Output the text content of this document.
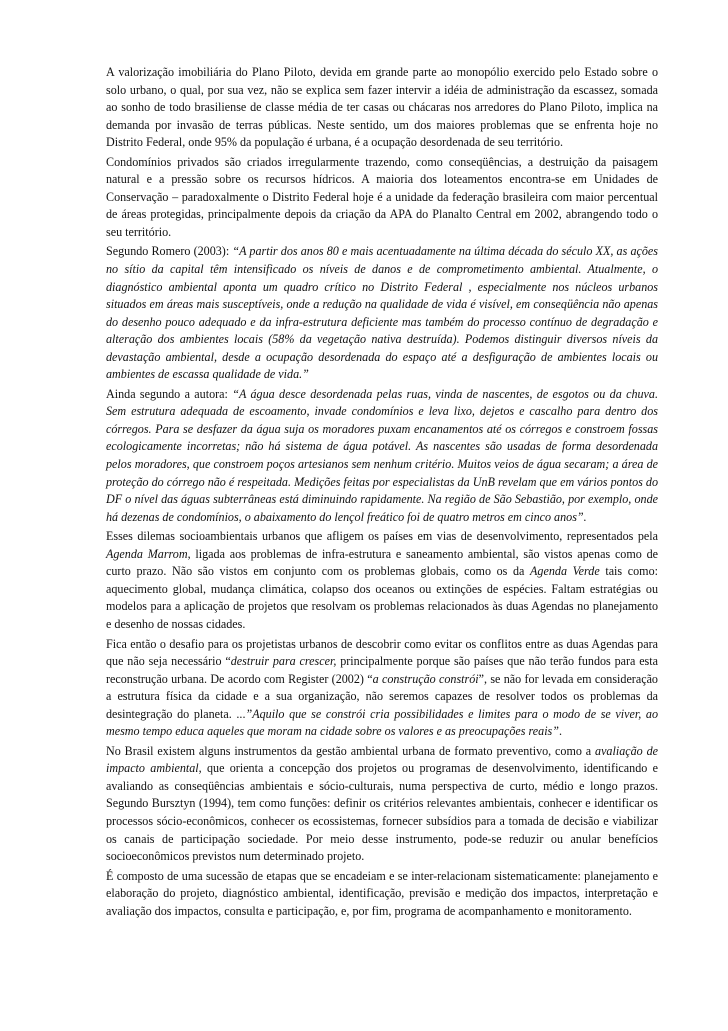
A valorização imobiliária do Plano Piloto, devida em grande parte ao monopólio exercido pelo Estado sobre o solo urbano, o qual, por sua vez, não se explica sem fazer intervir a idéia de administração da escassez, somada ao sonho de todo brasiliense de classe média de ter casas ou chácaras nos arredores do Plano Piloto, implica na demanda por invasão de terras públicas. Neste sentido, um dos maiores problemas que se enfrenta hoje no Distrito Federal, onde 95% da população é urbana, é a ocupação desordenada de seu território.

Condomínios privados são criados irregularmente trazendo, como conseqüências, a destruição da paisagem natural e a pressão sobre os recursos hídricos. A maioria dos loteamentos encontra-se em Unidades de Conservação – paradoxalmente o Distrito Federal hoje é a unidade da federação brasileira com maior percentual de áreas protegidas, principalmente depois da criação da APA do Planalto Central em 2002, abrangendo todo o seu território.

Segundo Romero (2003): “A partir dos anos 80 e mais acentuadamente na última década do século XX, as ações no sítio da capital têm intensificado os níveis de danos e de comprometimento ambiental. Atualmente, o diagnóstico ambiental aponta um quadro crítico no Distrito Federal , especialmente nos núcleos urbanos situados em áreas mais susceptíveis, onde a redução na qualidade de vida é visível, em conseqüência não apenas do desenho pouco adequado e da infra-estrutura deficiente mas também do processo contínuo de degradação e alteração dos ambientes locais (58% da vegetação nativa destruída). Podemos distinguir diversos níveis da devastação ambiental, desde a ocupação desordenada do espaço até a desfiguração de ambientes locais ou ambientes de escassa qualidade de vida.”

Ainda segundo a autora: “A água desce desordenada pelas ruas, vinda de nascentes, de esgotos ou da chuva. Sem estrutura adequada de escoamento, invade condomínios e leva lixo, dejetos e cascalho para dentro dos córregos. Para se desfazer da água suja os moradores puxam encanamentos até os córregos e constroem fossas ecologicamente incorretas; não há sistema de água potável. As nascentes são usadas de forma desordenada pelos moradores, que constroem poços artesianos sem nenhum critério. Muitos veios de água secaram; a área de proteção do córrego não é respeitada. Medições feitas por especialistas da UnB revelam que em vários pontos do DF o nível das águas subterrâneas está diminuindo rapidamente. Na região de São Sebastião, por exemplo, onde há dezenas de condomínios, o abaixamento do lençol freático foi de quatro metros em cinco anos”.

Esses dilemas socioambientais urbanos que afligem os países em vias de desenvolvimento, representados pela Agenda Marrom, ligada aos problemas de infra-estrutura e saneamento ambiental, são vistos apenas como de curto prazo. Não são vistos em conjunto com os problemas globais, como os da Agenda Verde tais como: aquecimento global, mudança climática, colapso dos oceanos ou extinções de espécies. Faltam estratégias ou modelos para a aplicação de projetos que resolvam os problemas relacionados às duas Agendas no planejamento e desenho de nossas cidades.

Fica então o desafio para os projetistas urbanos de descobrir como evitar os conflitos entre as duas Agendas para que não seja necessário “destruir para crescer, principalmente porque são países que não terão fundos para esta reconstrução urbana. De acordo com Register (2002) “a construção constrói”, se não for levada em consideração a estrutura física da cidade e a sua organização, não seremos capazes de resolver todos os problemas da desintegração do planeta. ...”Aquilo que se constrói cria possibilidades e limites para o modo de se viver, ao mesmo tempo educa aqueles que moram na cidade sobre os valores e as preocupações reais”.

No Brasil existem alguns instrumentos da gestão ambiental urbana de formato preventivo, como a avaliação de impacto ambiental, que orienta a concepção dos projetos ou programas de desenvolvimento, identificando e avaliando as conseqüências ambientais e sócio-culturais, numa perspectiva de curto, médio e longo prazos. Segundo Bursztyn (1994), tem como funções: definir os critérios relevantes ambientais, conhecer e identificar os processos sócio-econômicos, conhecer os ecossistemas, fornecer subsídios para a tomada de decisão e viabilizar os canais de participação sociedade. Por meio desse instrumento, pode-se reduzir ou anular benefícios socioeconômicos previstos num determinado projeto.

É composto de uma sucessão de etapas que se encadeiam e se inter-relacionam sistematicamente: planejamento e elaboração do projeto, diagnóstico ambiental, identificação, previsão e medição dos impactos, interpretação e avaliação dos impactos, consulta e participação, e, por fim, programa de acompanhamento e monitoramento.
